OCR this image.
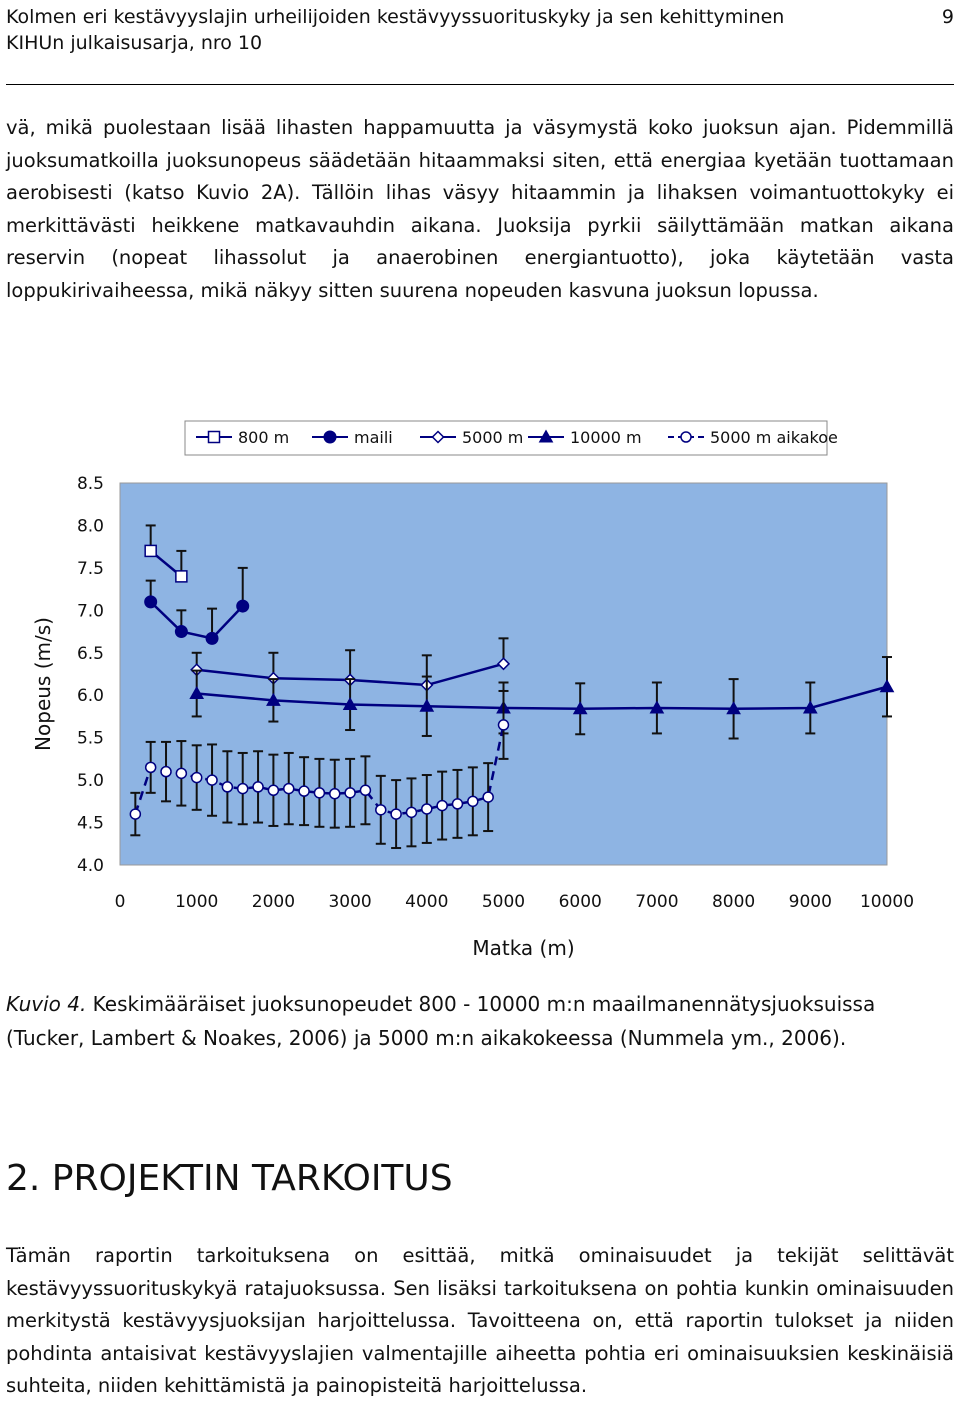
Kolmen eri kestävyyslajin urheilijoiden kestävyyssuorituskyky ja sen kehittyminen
KIHUn julkaisusarja, nro 10
9
vä, mikä puolestaan lisää lihasten happamuutta ja väsymystä koko juoksun ajan. Pidemmillä juoksumatkoilla juoksunopeus säädetään hitaammaksi siten, että energiaa kyetään tuottamaan aerobisesti (katso Kuvio 2A). Tällöin lihas väsyy hitaammin ja lihaksen voimantuottokyky ei merkittävästi heikkene matkavauhdin aikana. Juoksija pyrkii säilyttämään matkan aikana reservin (nopeat lihassolut ja anaerobinen energiantuotto), joka käytetään vasta loppukirivaiheessa, mikä näkyy sitten suurena nopeuden kasvuna juoksun lopussa.
8.5
8.0
7.5
7.0
6.5
6.0
5.5
5.0
4.5
4.0
0	1000 2000 3000 4000 5000 6000 7000 8000 9000 10000
Matka (m)
Nopeus (m/s)
800 m	maili	5000 m	10000 m	5000 m aikakoe
Kuvio 4. Keskimääräiset juoksunopeudet 800 - 10000 m:n maailmanennätysjuoksuissa (Tucker, Lambert & Noakes, 2006) ja 5000 m:n aikakokeessa (Nummela ym., 2006).
2. PROJEKTIN TARKOITUS
Tämän raportin tarkoituksena on esittää, mitkä ominaisuudet ja tekijät selittävät kestävyyssuorituskykyä ratajuoksussa. Sen lisäksi tarkoituksena on pohtia kunkin ominaisuuden merkitystä kestävyysjuoksijan harjoittelussa. Tavoitteena on, että raportin tulokset ja niiden pohdinta antaisivat kestävyyslajien valmentajille aiheetta pohtia eri ominaisuuksien keskinäisiä suhteita, niiden kehittämistä ja painopisteitä harjoittelussa.
